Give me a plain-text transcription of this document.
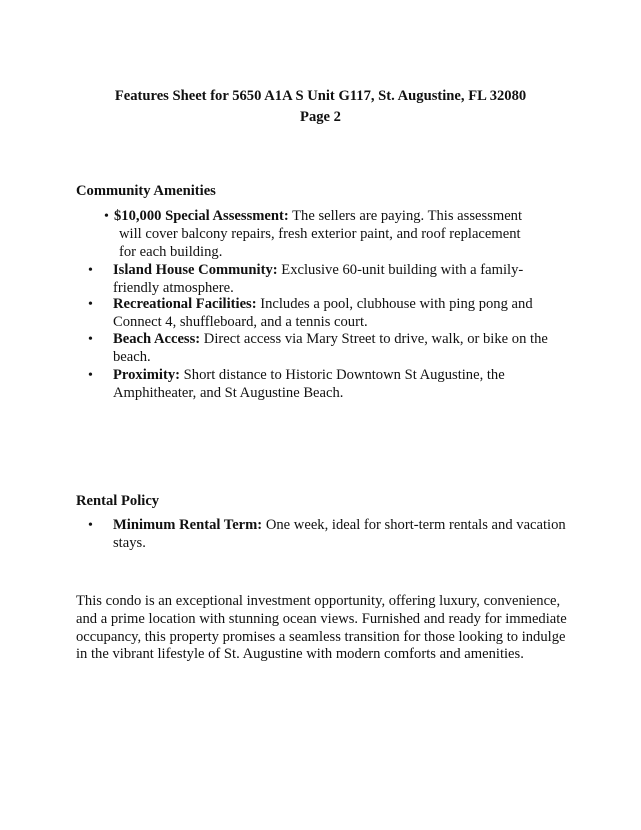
Features Sheet for 5650 A1A S Unit G117, St. Augustine, FL 32080
Page 2
Community Amenities
• $10,000 Special Assessment: The sellers are paying. This assessment
will cover balcony repairs, fresh exterior paint, and roof replacement
for each building.
• Island House Community: Exclusive 60-unit building with a family-friendly atmosphere.
• Recreational Facilities: Includes a pool, clubhouse with ping pong and Connect 4, shuffleboard, and a tennis court.
• Beach Access: Direct access via Mary Street to drive, walk, or bike on the beach.
• Proximity: Short distance to Historic Downtown St Augustine, the Amphitheater, and St Augustine Beach.
Rental Policy
• Minimum Rental Term: One week, ideal for short-term rentals and vacation stays.

This condo is an exceptional investment opportunity, offering luxury, convenience, and a prime location with stunning ocean views. Furnished and ready for immediate occupancy, this property promises a seamless transition for those looking to indulge in the vibrant lifestyle of St. Augustine with modern comforts and amenities.
